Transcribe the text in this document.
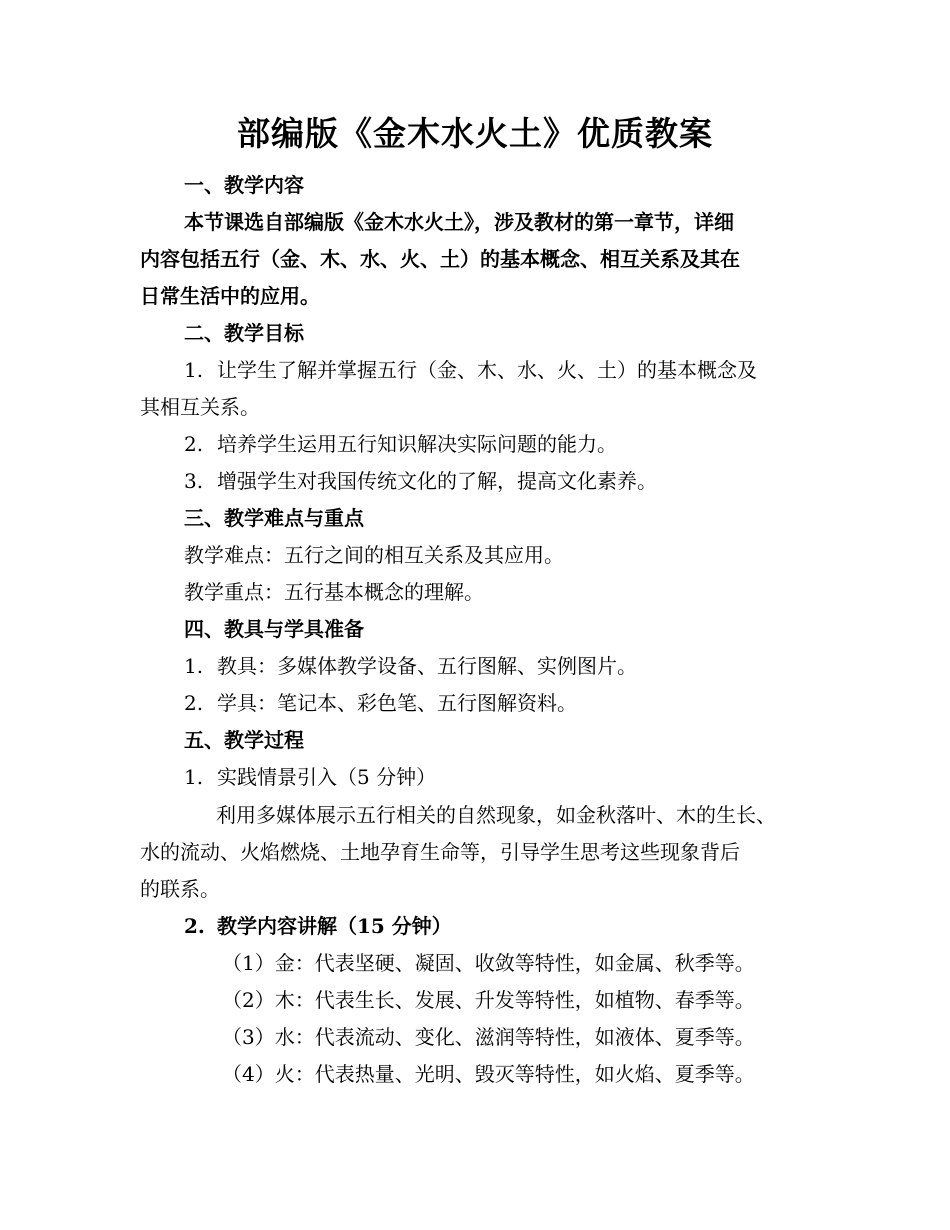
部编版《金木水火土》优质教案
一、教学内容
本节课选自部编版《金木水火土》，涉及教材的第一章节，详细
内容包括五行（金、木、水、火、土）的基本概念、相互关系及其在
日常生活中的应用。
二、教学目标
1. 让学生了解并掌握五行（金、木、水、火、土）的基本概念及
其相互关系。
2. 培养学生运用五行知识解决实际问题的能力。
3. 增强学生对我国传统文化的了解，提高文化素养。
三、教学难点与重点
教学难点：五行之间的相互关系及其应用。
教学重点：五行基本概念的理解。
四、教具与学具准备
1. 教具：多媒体教学设备、五行图解、实例图片。
2. 学具：笔记本、彩色笔、五行图解资料。
五、教学过程
1. 实践情景引入（5 分钟）
利用多媒体展示五行相关的自然现象，如金秋落叶、木的生长、
水的流动、火焰燃烧、土地孕育生命等，引导学生思考这些现象背后
的联系。
2. 教学内容讲解（15 分钟）
（1）金：代表坚硬、凝固、收敛等特性，如金属、秋季等。
（2）木：代表生长、发展、升发等特性，如植物、春季等。
（3）水：代表流动、变化、滋润等特性，如液体、夏季等。
（4）火：代表热量、光明、毁灭等特性，如火焰、夏季等。
